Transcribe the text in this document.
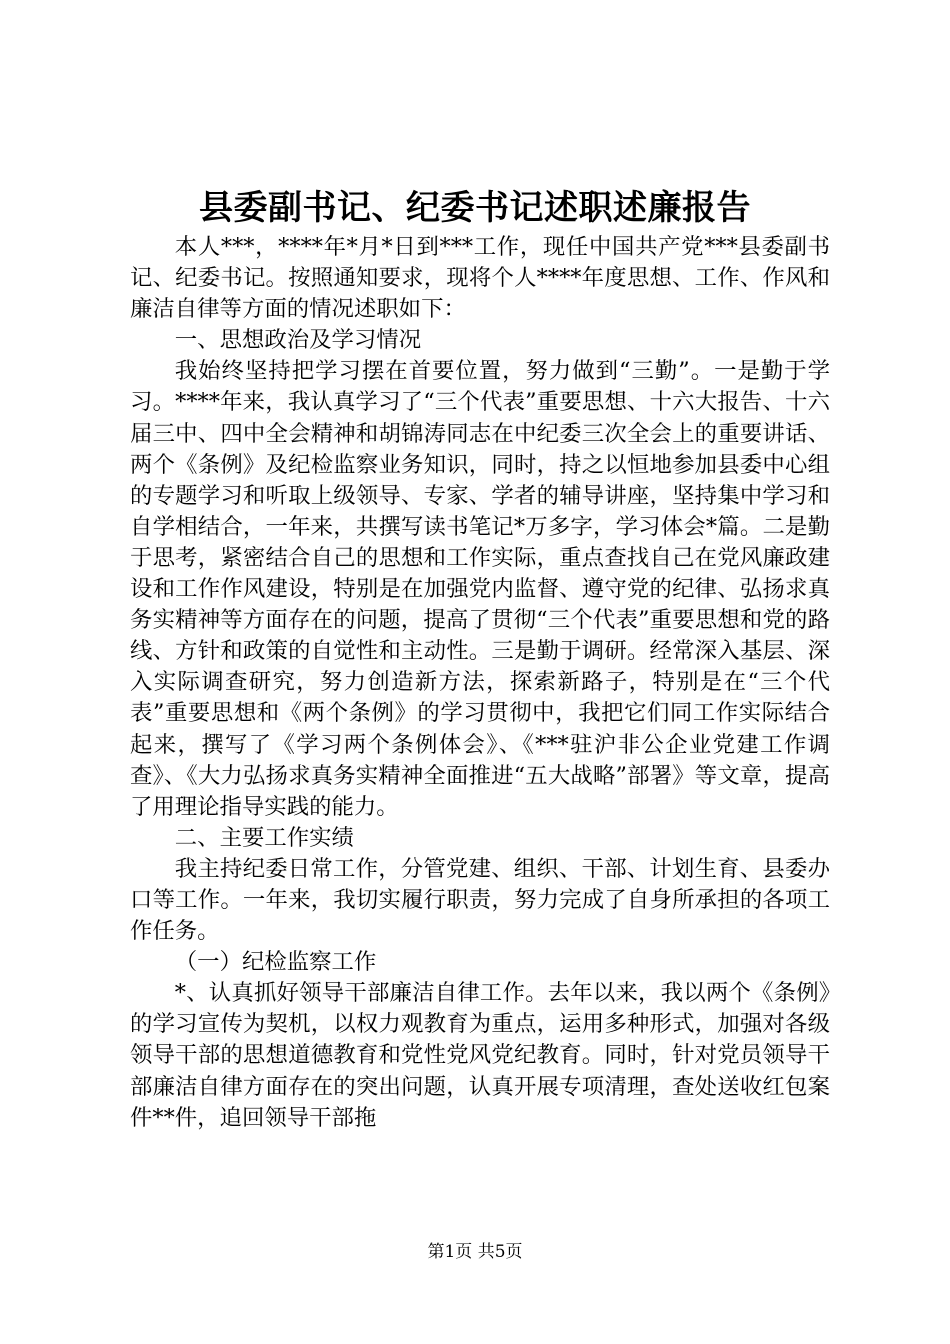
县委副书记、纪委书记述职述廉报告

本人***，****年*月*日到***工作，现任中国共产党***县委副书记、纪委书记。按照通知要求，现将个人****年度思想、工作、作风和廉洁自律等方面的情况述职如下：

一、思想政治及学习情况

我始终坚持把学习摆在首要位置，努力做到“三勤”。一是勤于学习。****年来，我认真学习了“三个代表”重要思想、十六大报告、十六届三中、四中全会精神和胡锦涛同志在中纪委三次全会上的重要讲话、两个《条例》及纪检监察业务知识，同时，持之以恒地参加县委中心组的专题学习和听取上级领导、专家、学者的辅导讲座，坚持集中学习和自学相结合，一年来，共撰写读书笔记*万多字，学习体会*篇。二是勤于思考，紧密结合自己的思想和工作实际，重点查找自己在党风廉政建设和工作作风建设，特别是在加强党内监督、遵守党的纪律、弘扬求真务实精神等方面存在的问题，提高了贯彻“三个代表”重要思想和党的路线、方针和政策的自觉性和主动性。三是勤于调研。经常深入基层、深入实际调查研究，努力创造新方法，探索新路子，特别是在“三个代表”重要思想和《两个条例》的学习贯彻中，我把它们同工作实际结合起来，撰写了《学习两个条例体会》、《***驻沪非公企业党建工作调查》、《大力弘扬求真务实精神全面推进“五大战略”部署》等文章，提高了用理论指导实践的能力。

二、主要工作实绩

我主持纪委日常工作，分管党建、组织、干部、计划生育、县委办口等工作。一年来，我切实履行职责，努力完成了自身所承担的各项工作任务。

（一）纪检监察工作

*、认真抓好领导干部廉洁自律工作。去年以来，我以两个《条例》的学习宣传为契机，以权力观教育为重点，运用多种形式，加强对各级领导干部的思想道德教育和党性党风党纪教育。同时，针对党员领导干部廉洁自律方面存在的突出问题，认真开展专项清理，查处送收红包案件**件，追回领导干部拖

第1页 共5页
